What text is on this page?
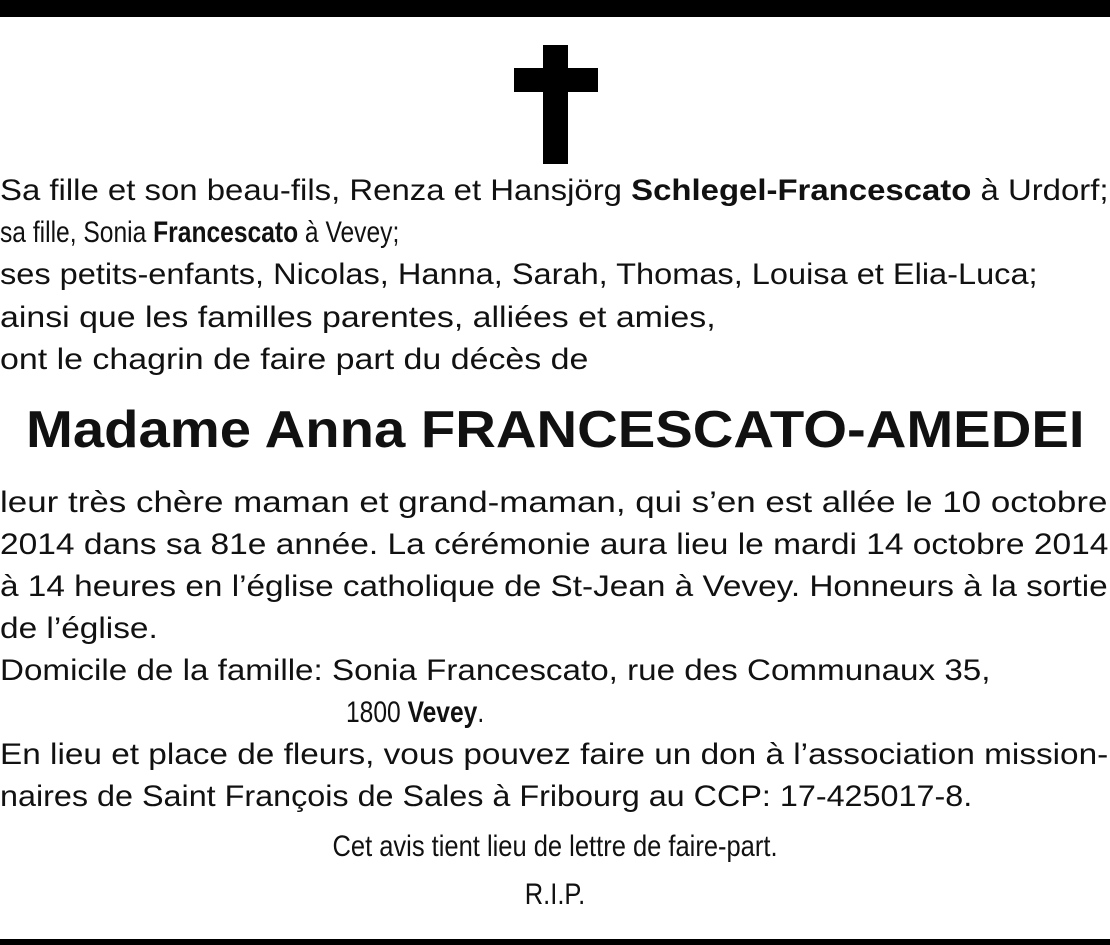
Sa fille et son beau-fils, Renza et Hansjörg Schlegel-Francescato à Urdorf;
sa fille, Sonia Francescato à Vevey;
ses petits-enfants, Nicolas, Hanna, Sarah, Thomas, Louisa et Elia-Luca;
ainsi que les familles parentes, alliées et amies,
ont le chagrin de faire part du décès de
Madame Anna FRANCESCATO-AMEDEI
leur très chère maman et grand-maman, qui s’en est allée le 10 octobre
2014 dans sa 81e année. La cérémonie aura lieu le mardi 14 octobre 2014
à 14 heures en l’église catholique de St-Jean à Vevey. Honneurs à la sortie
de l’église.
Domicile de la famille: Sonia Francescato, rue des Communaux 35,
1800 Vevey.
En lieu et place de fleurs, vous pouvez faire un don à l’association mission-
naires de Saint François de Sales à Fribourg au CCP: 17-425017-8.
Cet avis tient lieu de lettre de faire-part.
R.I.P.
